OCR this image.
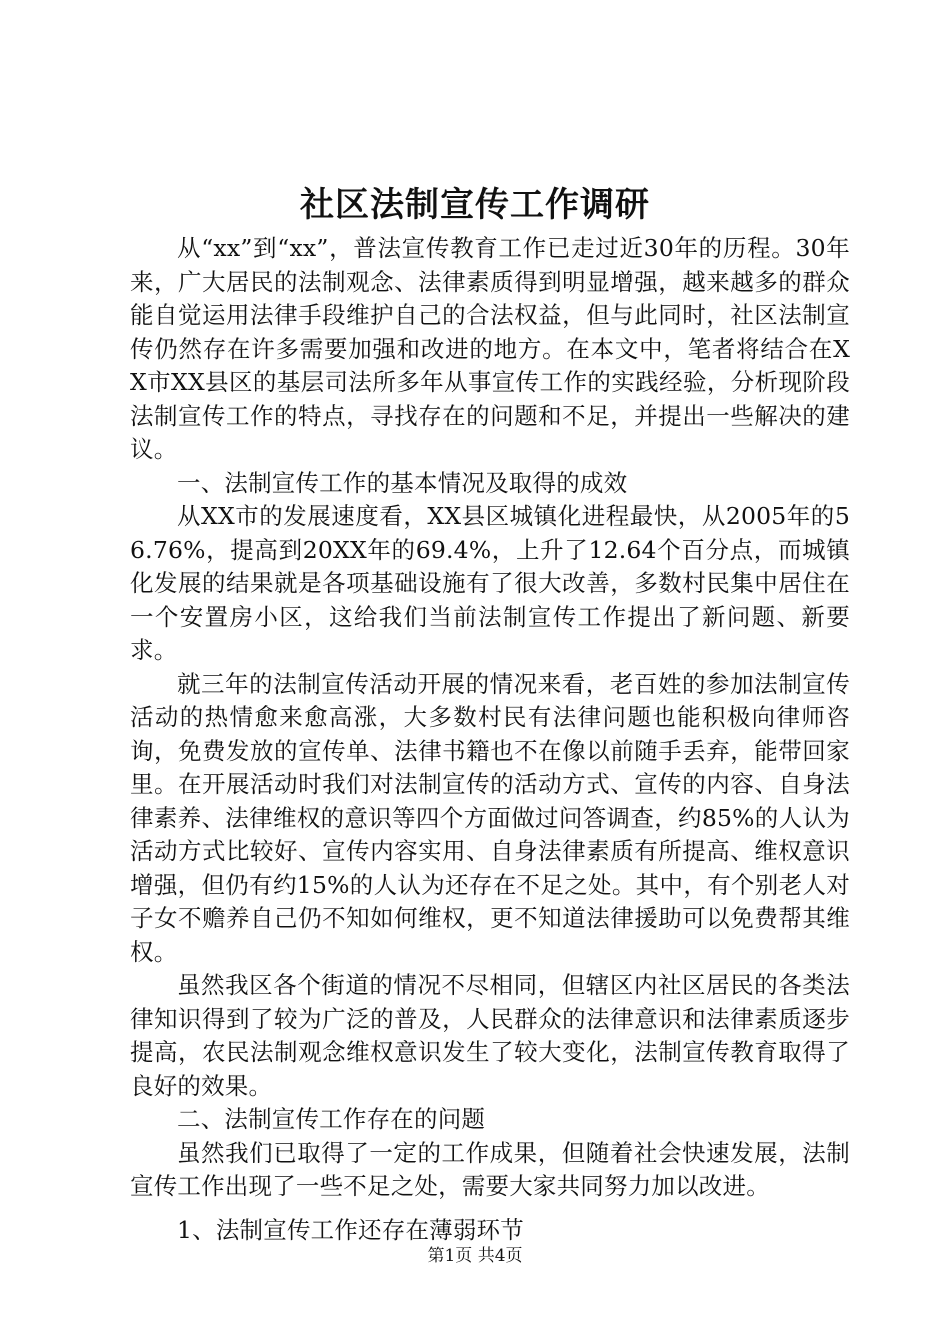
社区法制宣传工作调研

从“xx”到“xx”，普法宣传教育工作已走过近30年的历程。30年来，广大居民的法制观念、法律素质得到明显增强，越来越多的群众能自觉运用法律手段维护自己的合法权益，但与此同时，社区法制宣传仍然存在许多需要加强和改进的地方。在本文中，笔者将结合在XX市XX县区的基层司法所多年从事宣传工作的实践经验，分析现阶段法制宣传工作的特点，寻找存在的问题和不足，并提出一些解决的建议。

一、法制宣传工作的基本情况及取得的成效

从XX市的发展速度看，XX县区城镇化进程最快，从2005年的56.76%，提高到20XX年的69.4%，上升了12.64个百分点，而城镇化发展的结果就是各项基础设施有了很大改善，多数村民集中居住在一个安置房小区，这给我们当前法制宣传工作提出了新问题、新要求。

就三年的法制宣传活动开展的情况来看，老百姓的参加法制宣传活动的热情愈来愈高涨，大多数村民有法律问题也能积极向律师咨询，免费发放的宣传单、法律书籍也不在像以前随手丢弃，能带回家里。在开展活动时我们对法制宣传的活动方式、宣传的内容、自身法律素养、法律维权的意识等四个方面做过问答调查，约85%的人认为活动方式比较好、宣传内容实用、自身法律素质有所提高、维权意识增强，但仍有约15%的人认为还存在不足之处。其中，有个别老人对子女不赡养自己仍不知如何维权，更不知道法律援助可以免费帮其维权。

虽然我区各个街道的情况不尽相同，但辖区内社区居民的各类法律知识得到了较为广泛的普及，人民群众的法律意识和法律素质逐步提高，农民法制观念维权意识发生了较大变化，法制宣传教育取得了良好的效果。

二、法制宣传工作存在的问题

虽然我们已取得了一定的工作成果，但随着社会快速发展，法制宣传工作出现了一些不足之处，需要大家共同努力加以改进。

1、法制宣传工作还存在薄弱环节

第1页 共4页
